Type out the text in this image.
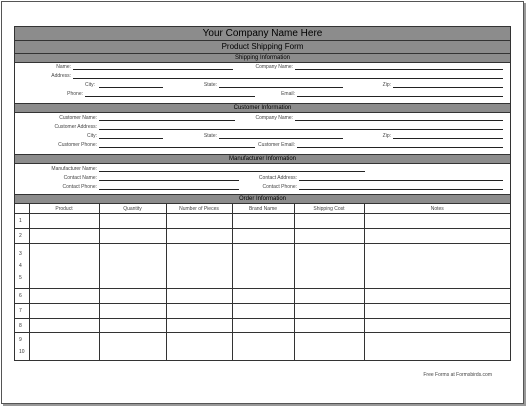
Your Company Name Here
Product Shipping Form
Shipping Information
Name:	Company Name:
Address:
City:	State:	Zip:
Phone:	Email:
Customer Information
Customer Name:	Company Name:
Customer Address:
City:	State:	Zip:
Customer Phone:	Customer Email:
Manufacturer Information
Manufacturer Name:
Contact Name:	Contact Address:
Contact Phone:	Contact Phone:
Order Information
	Product	Quantity	Number of Pieces	Brand Name	Shipping Cost	Notes

1						

2						

3
4
5						

6						

7						

8						

9
10						

Free Forms at Formsbirds.com
